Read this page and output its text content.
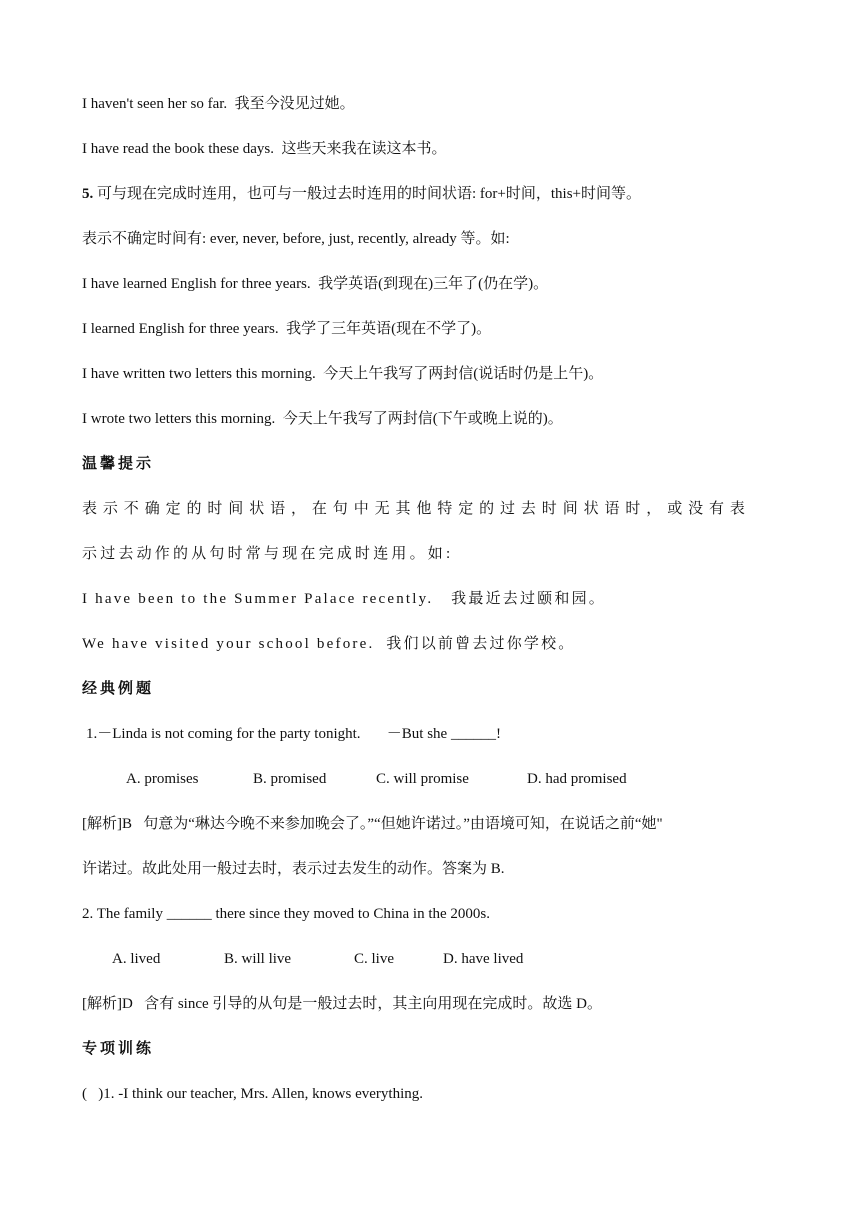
I haven't seen her so far.  我至今没见过她。
I have read the book these days.  这些天来我在读这本书。
5. 可与现在完成时连用，也可与一般过去时连用的时间状语: for+时间，this+时间等。
表示不确定时间有: ever, never, before, just, recently, already 等。如:
I have learned English for three years.  我学英语(到现在)三年了(仍在学)。
I learned English for three years.  我学了三年英语(现在不学了)。
I have written two letters this morning.  今天上午我写了两封信(说话时仍是上午)。
I wrote two letters this morning.  今天上午我写了两封信(下午或晚上说的)。
温馨提示
表示不确定的时间状语，在句中无其他特定的过去时间状语时，或没有表
示过去动作的从句时常与现在完成时连用。如:
I have been to the Summer Palace recently.   我最近去过颐和园。
We have visited your school before.  我们以前曾去过你学校。
经典例题
1.－Linda is not coming for the party tonight.       －But she ______!
A. promises	B. promised	C. will promise	D. had promised
[解析]B   句意为“琳达今晚不来参加晚会了。”“但她许诺过。”由语境可知，在说话之前“她"
许诺过。故此处用一般过去时，表示过去发生的动作。答案为 B.
2. The family ______ there since they moved to China in the 2000s.
A. lived	B. will live	C. live	D. have lived
[解析]D   含有 since 引导的从句是一般过去时，其主向用现在完成时。故选 D。
专项训练
(   )1. -I think our teacher, Mrs. Allen, knows everything.
